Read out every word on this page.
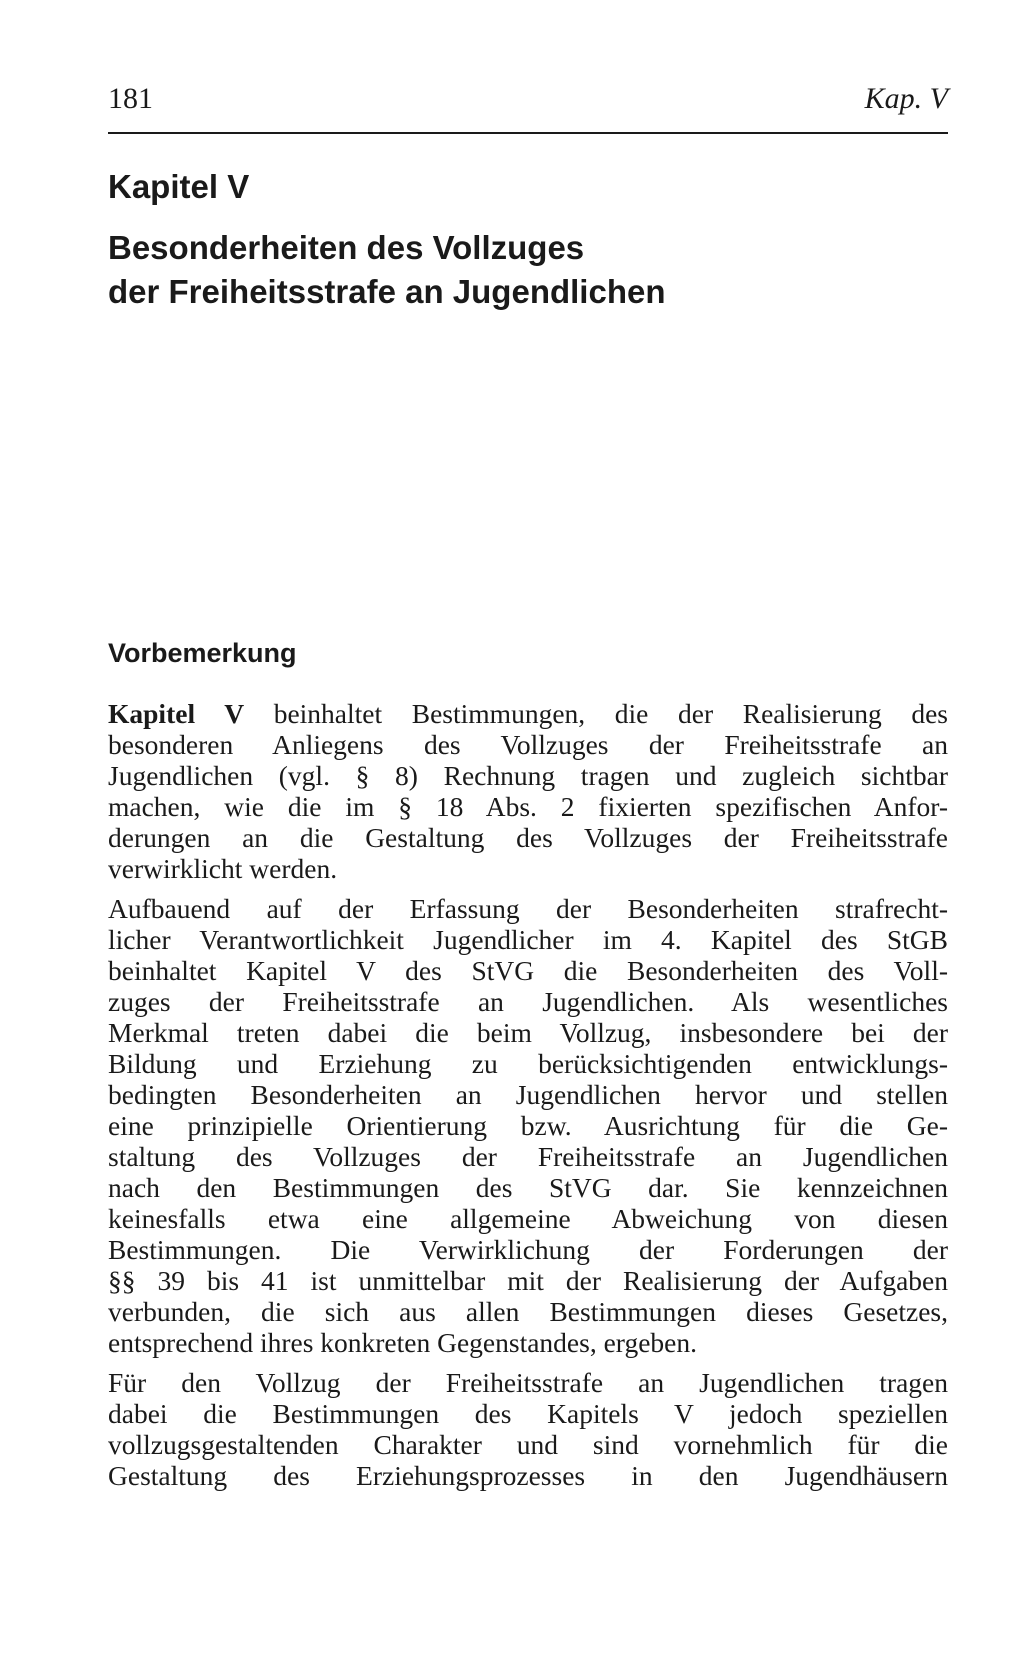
181	Kap. V
Kapitel V
Besonderheiten des Vollzuges
der Freiheitsstrafe an Jugendlichen
Vorbemerkung
Kapitel V beinhaltet Bestimmungen, die der Realisierung des
besonderen Anliegens des Vollzuges der Freiheitsstrafe an
Jugendlichen (vgl. § 8) Rechnung tragen und zugleich sichtbar
machen, wie die im § 18 Abs. 2 fixierten spezifischen Anfor-
derungen an die Gestaltung des Vollzuges der Freiheitsstrafe
verwirklicht werden.
Aufbauend auf der Erfassung der Besonderheiten strafrecht-
licher Verantwortlichkeit Jugendlicher im 4. Kapitel des StGB
beinhaltet Kapitel V des StVG die Besonderheiten des Voll-
zuges der Freiheitsstrafe an Jugendlichen. Als wesentliches
Merkmal treten dabei die beim Vollzug, insbesondere bei der
Bildung und Erziehung zu berücksichtigenden entwicklungs-
bedingten Besonderheiten an Jugendlichen hervor und stellen
eine prinzipielle Orientierung bzw. Ausrichtung für die Ge-
staltung des Vollzuges der Freiheitsstrafe an Jugendlichen
nach den Bestimmungen des StVG dar. Sie kennzeichnen
keinesfalls etwa eine allgemeine Abweichung von diesen
Bestimmungen. Die Verwirklichung der Forderungen der
§§ 39 bis 41 ist unmittelbar mit der Realisierung der Aufgaben
verbunden, die sich aus allen Bestimmungen dieses Gesetzes,
entsprechend ihres konkreten Gegenstandes, ergeben.
Für den Vollzug der Freiheitsstrafe an Jugendlichen tragen
dabei die Bestimmungen des Kapitels V jedoch speziellen
vollzugsgestaltenden Charakter und sind vornehmlich für die
Gestaltung des Erziehungsprozesses in den Jugendhäusern
